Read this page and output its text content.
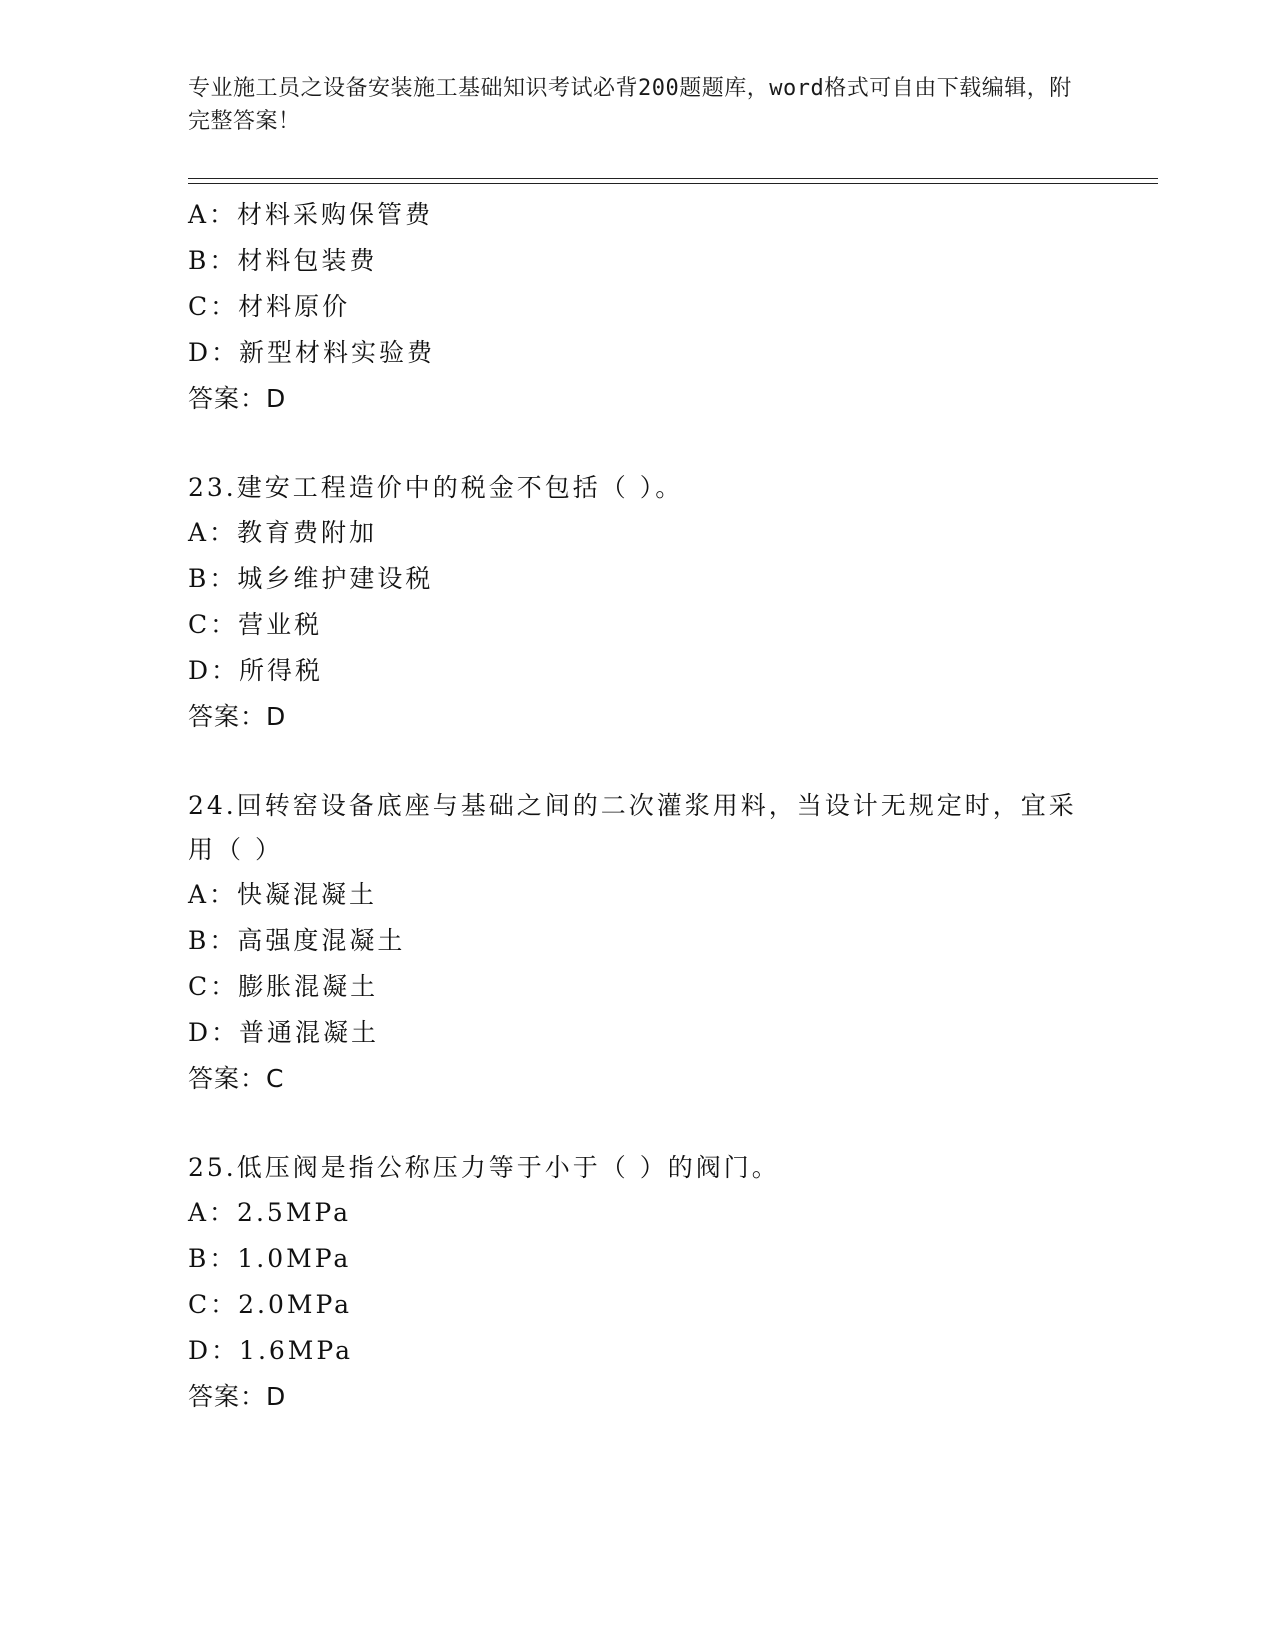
专业施工员之设备安装施工基础知识考试必背200题题库，word格式可自由下载编辑，附完整答案！
A：材料采购保管费
B：材料包装费
C：材料原价
D：新型材料实验费
答案：D
23.建安工程造价中的税金不包括（ ）。
A：教育费附加
B：城乡维护建设税
C：营业税
D：所得税
答案：D
24.回转窑设备底座与基础之间的二次灌浆用料，当设计无规定时，宜采用（ ）
A：快凝混凝土
B：高强度混凝土
C：膨胀混凝土
D：普通混凝土
答案：C
25.低压阀是指公称压力等于小于（ ）的阀门。
A：2.5MPa
B：1.0MPa
C：2.0MPa
D：1.6MPa
答案：D
